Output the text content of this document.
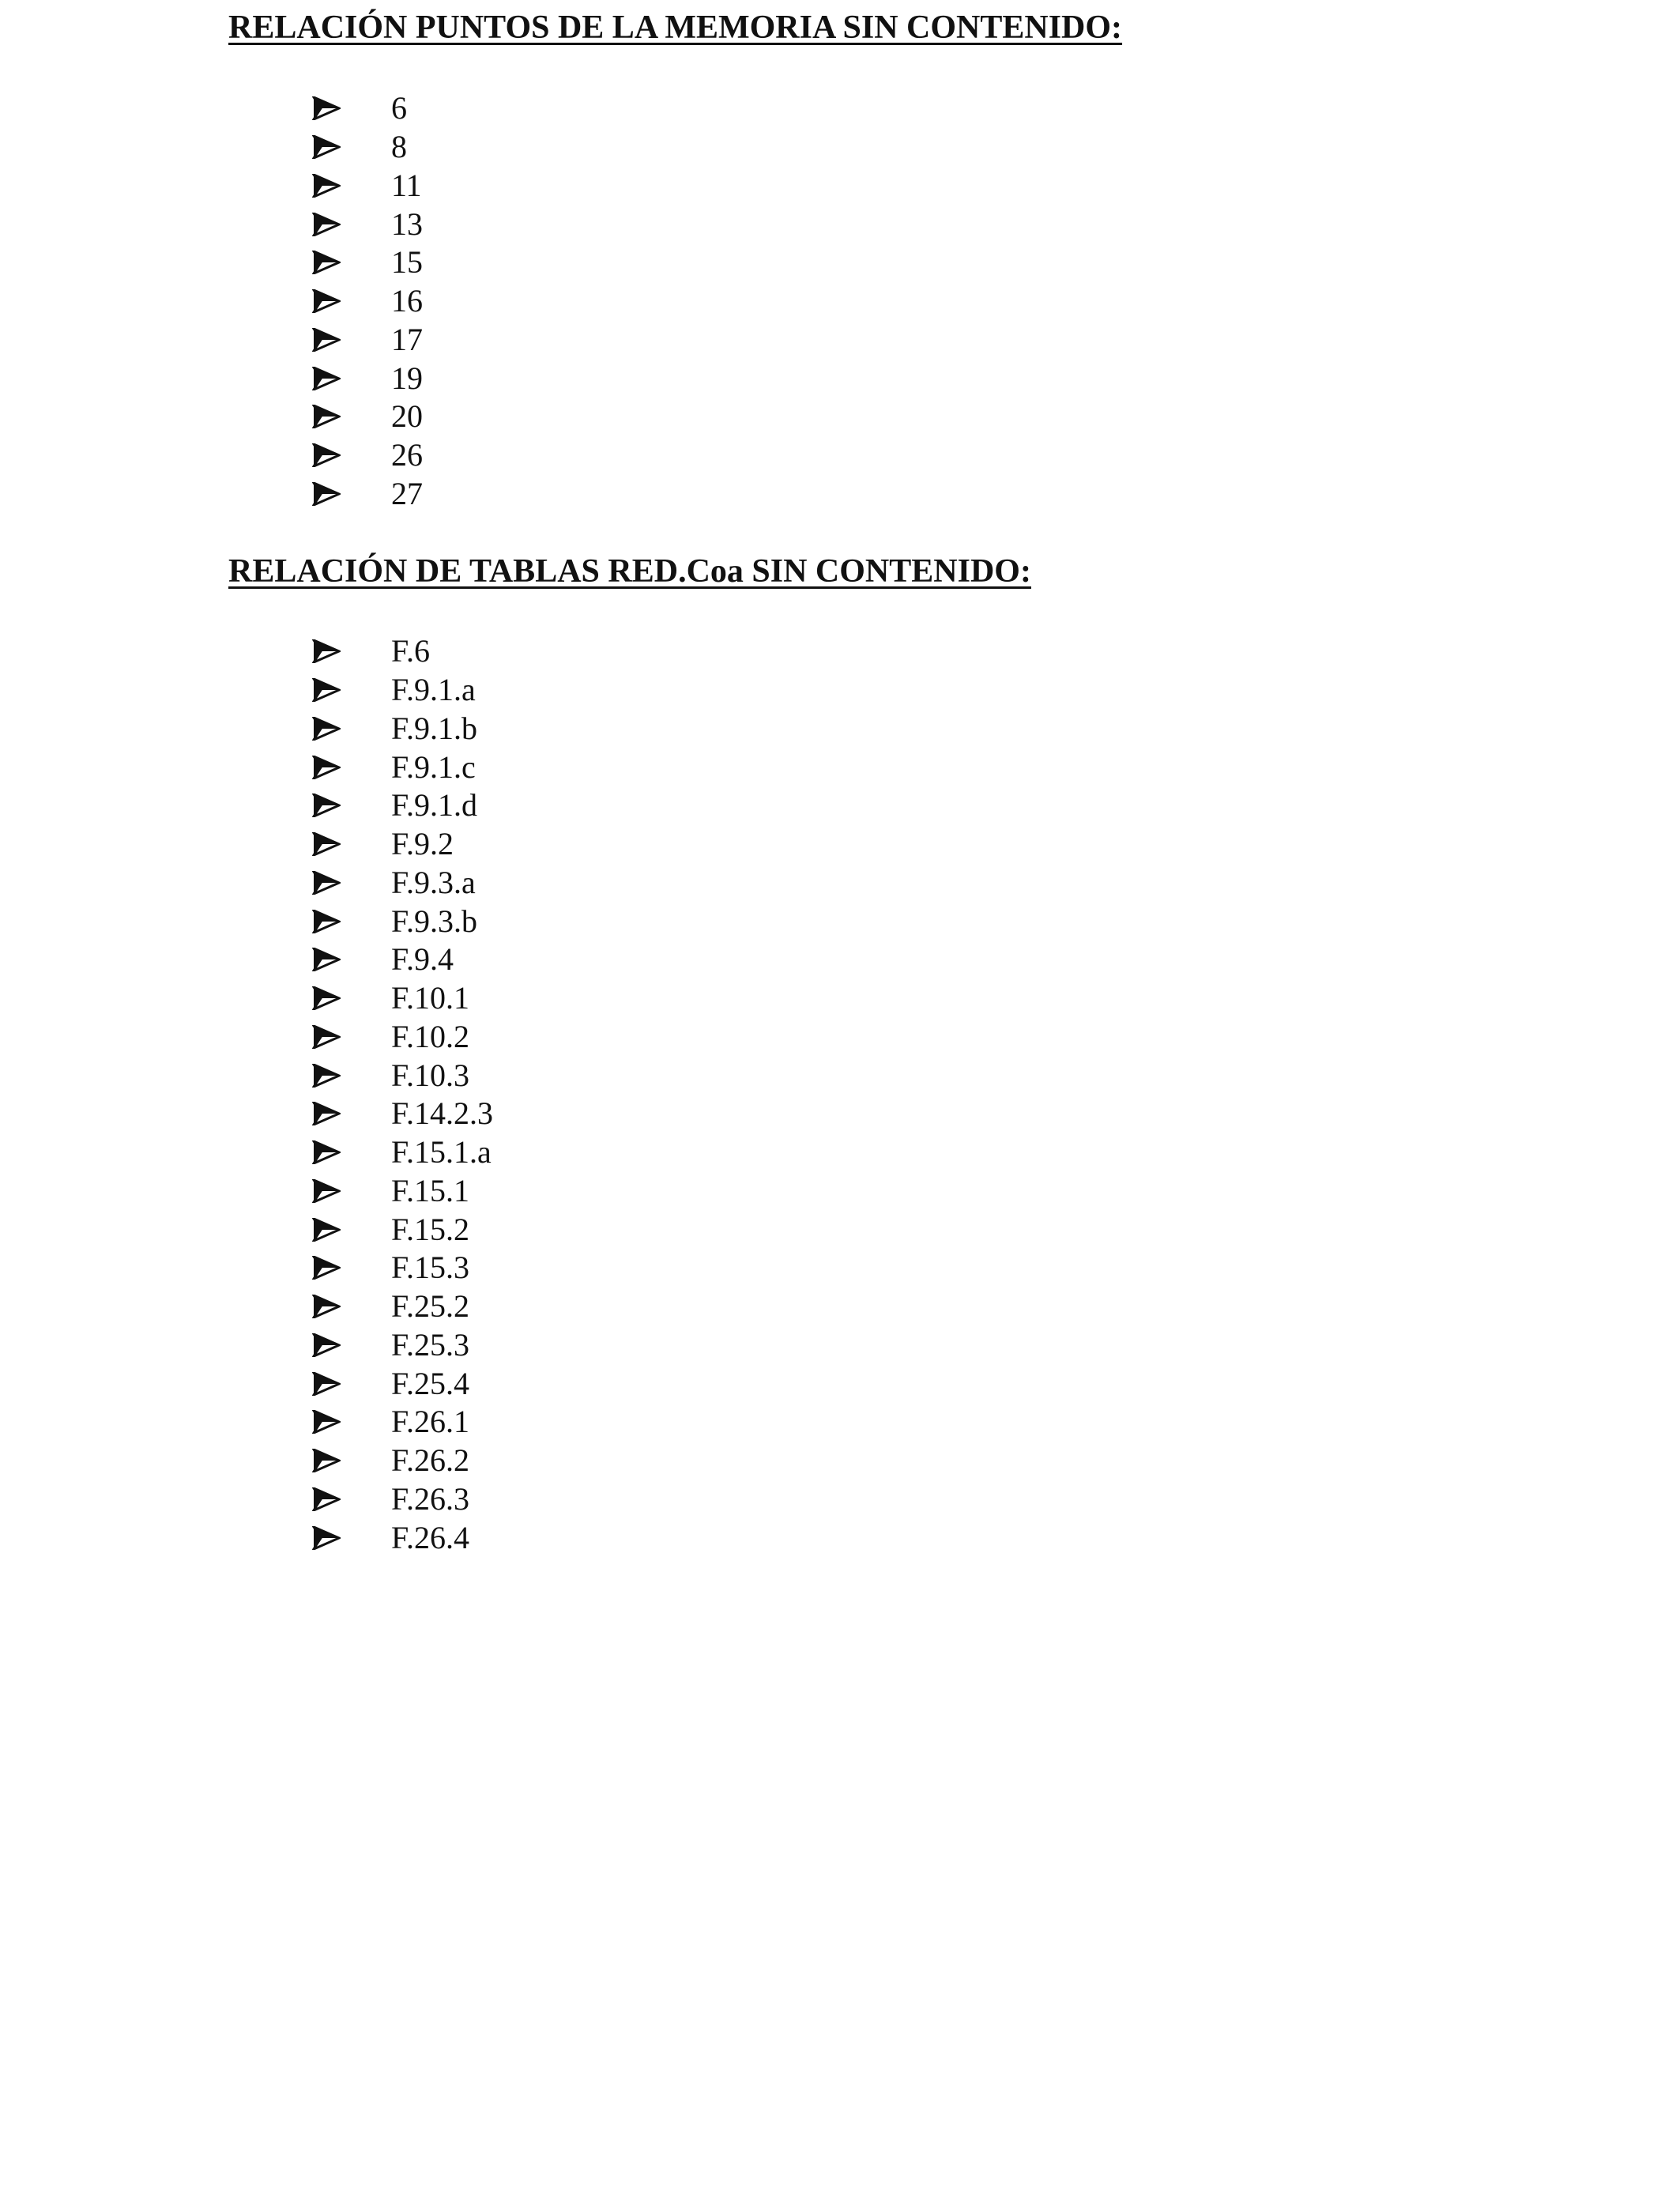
RELACIÓN PUNTOS DE LA MEMORIA SIN CONTENIDO:
6
8
11
13
15
16
17
19
20
26
27
RELACIÓN DE TABLAS RED.Coa SIN CONTENIDO:
F.6
F.9.1.a
F.9.1.b
F.9.1.c
F.9.1.d
F.9.2
F.9.3.a
F.9.3.b
F.9.4
F.10.1
F.10.2
F.10.3
F.14.2.3
F.15.1.a
F.15.1
F.15.2
F.15.3
F.25.2
F.25.3
F.25.4
F.26.1
F.26.2
F.26.3
F.26.4
